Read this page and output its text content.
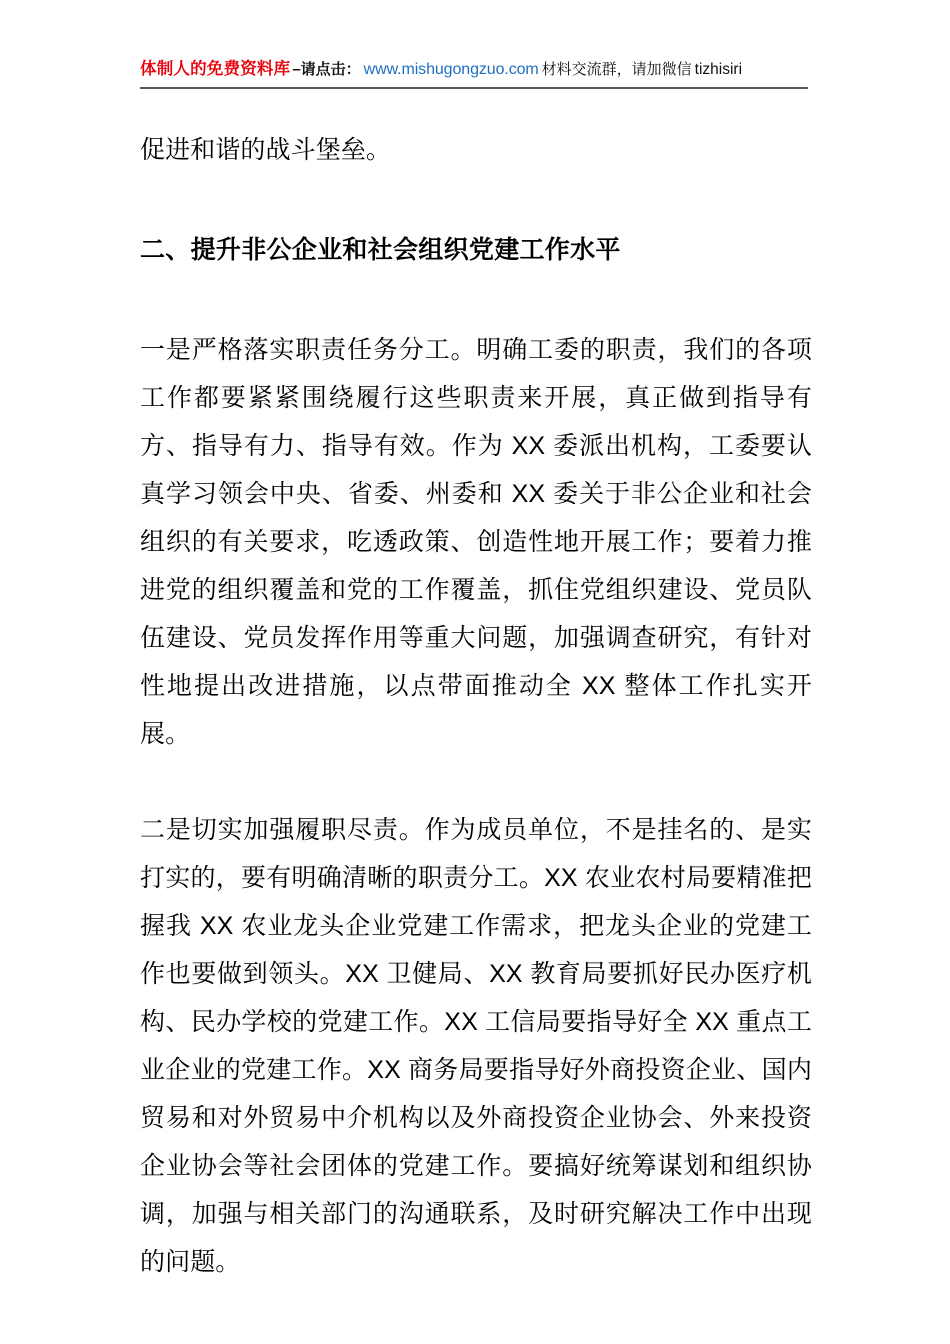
体制人的免费资料库 –请点击： www.mishugongzuo.com 材料交流群，请加微信 tizhisiri

促进和谐的战斗堡垒。

二、提升非公企业和社会组织党建工作水平

一是严格落实职责任务分工。明确工委的职责，我们的各项工作都要紧紧围绕履行这些职责来开展，真正做到指导有方、指导有力、指导有效。作为 XX 委派出机构，工委要认真学习领会中央、省委、州委和 XX 委关于非公企业和社会组织的有关要求，吃透政策、创造性地开展工作；要着力推进党的组织覆盖和党的工作覆盖，抓住党组织建设、党员队伍建设、党员发挥作用等重大问题，加强调查研究，有针对性地提出改进措施，以点带面推动全 XX 整体工作扎实开展。

二是切实加强履职尽责。作为成员单位，不是挂名的、是实打实的，要有明确清晰的职责分工。XX 农业农村局要精准把握我 XX 农业龙头企业党建工作需求，把龙头企业的党建工作也要做到领头。XX 卫健局、XX 教育局要抓好民办医疗机构、民办学校的党建工作。XX 工信局要指导好全 XX 重点工业企业的党建工作。XX 商务局要指导好外商投资企业、国内贸易和对外贸易中介机构以及外商投资企业协会、外来投资企业协会等社会团体的党建工作。要搞好统筹谋划和组织协调，加强与相关部门的沟通联系，及时研究解决工作中出现的问题。
